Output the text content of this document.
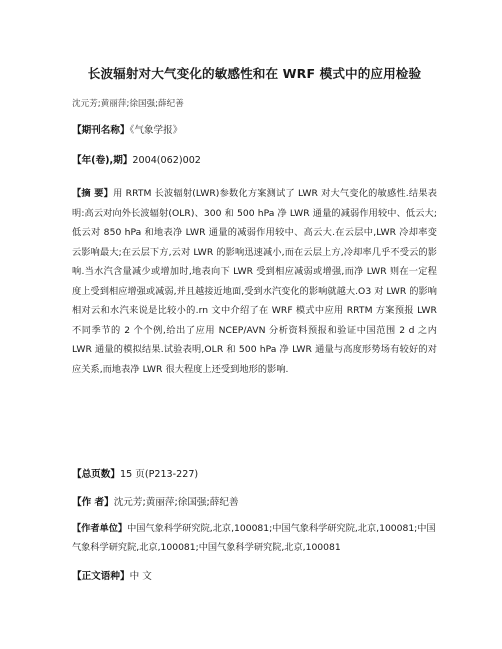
长波辐射对大气变化的敏感性和在 WRF 模式中的应用检验
沈元芳;黄丽萍;徐国强;薛纪善
【期刊名称】《气象学报》
【年(卷),期】2004(062)002
【摘 要】用 RRTM 长波辐射(LWR)参数化方案测试了 LWR 对大气变化的敏感性.结果表明:高云对向外长波辐射(OLR)、300 和 500 hPa 净 LWR 通量的减弱作用较中、低云大;低云对 850 hPa 和地表净 LWR 通量的减弱作用较中、高云大.在云层中,LWR 冷却率变云影响最大;在云层下方,云对 LWR 的影响迅速减小,而在云层上方,冷却率几乎不受云的影响.当水汽含量减少或增加时,地表向下 LWR 受到相应减弱或增强,而净 LWR 则在一定程度上受到相应增强或减弱,并且越接近地面,受到水汽变化的影响就越大.O3 对 LWR 的影响相对云和水汽来说是比较小的.rn 文中介绍了在 WRF 模式中应用 RRTM 方案预报 LWR 不同季节的 2 个个例,给出了应用 NCEP/AVN 分析资料预报和验证中国范围 2 d 之内 LWR 通量的模拟结果.试验表明,OLR 和 500 hPa 净 LWR 通量与高度形势场有较好的对应关系,而地表净 LWR 很大程度上还受到地形的影响.
【总页数】15 页(P213-227)
【作 者】沈元芳;黄丽萍;徐国强;薛纪善
【作者单位】中国气象科学研究院,北京,100081;中国气象科学研究院,北京,100081;中国气象科学研究院,北京,100081;中国气象科学研究院,北京,100081
【正文语种】中 文
